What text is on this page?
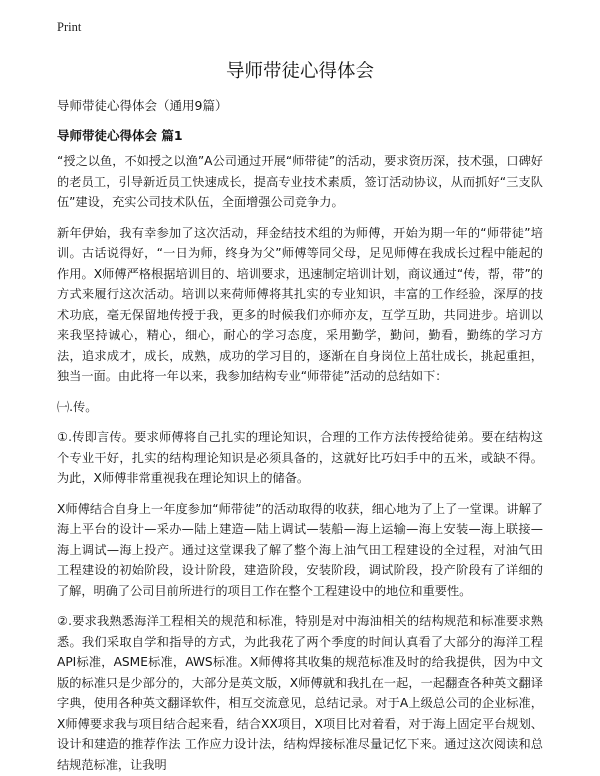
Print
导师带徒心得体会
导师带徒心得体会（通用9篇）
导师带徒心得体会 篇1

“授之以鱼，不如授之以渔”A公司通过开展“师带徒”的活动，要求资历深，技术强，口碑好的老员工，引导新近员工快速成长，提高专业技术素质，签订活动协议，从而抓好“三支队伍”建设，充实公司技术队伍，全面增强公司竞争力。

新年伊始，我有幸参加了这次活动，拜金结技术组的为师傅，开始为期一年的“师带徒”培训。古话说得好，“一日为师，终身为父”师傅等同父母，足见师傅在我成长过程中能起的作用。X师傅严格根据培训目的、培训要求，迅速制定培训计划，商议通过“传，帮，带”的方式来履行这次活动。培训以来荷师傅将其扎实的专业知识，丰富的工作经验，深厚的技术功底，毫无保留地传授于我，更多的时候我们亦师亦友，互学互助，共同进步。培训以来我坚持诚心，精心，细心，耐心的学习态度，采用勤学，勤问，勤看，勤练的学习方法，追求成才，成长，成熟，成功的学习目的，逐渐在自身岗位上茁壮成长，挑起重担，独当一面。由此将一年以来，我参加结构专业“师带徒”活动的总结如下：

㈠.传。

①.传即言传。要求师傅将自己扎实的理论知识，合理的工作方法传授给徒弟。要在结构这个专业干好，扎实的结构理论知识是必须具备的，这就好比巧妇手中的五米，或缺不得。为此，X师傅非常重视我在理论知识上的储备。

X师傅结合自身上一年度参加“师带徒”的活动取得的收获，细心地为了上了一堂课。讲解了海上平台的设计—采办—陆上建造—陆上调试—装船—海上运输—海上安装—海上联接—海上调试—海上投产。通过这堂课我了解了整个海上油气田工程建设的全过程，对油气田工程建设的初始阶段，设计阶段，建造阶段，安装阶段，调试阶段，投产阶段有了详细的了解，明确了公司目前所进行的项目工作在整个工程建设中的地位和重要性。

②.要求我熟悉海洋工程相关的规范和标准，特别是对中海油相关的结构规范和标准要求熟悉。我们采取自学和指导的方式，为此我花了两个季度的时间认真看了大部分的海洋工程API标准，ASME标准，AWS标准。X师傅将其收集的规范标准及时的给我提供，因为中文版的标准只是少部分的，大部分是英文版，X师傅就和我扎在一起，一起翻查各种英文翻译字典，使用各种英文翻译软件，相互交流意见，总结记录。对于A上级总公司的企业标准，X师傅要求我与项目结合起来看，结合XX项目，X项目比对着看，对于海上固定平台规划、设计和建造的推荐作法 工作应力设计法，结构焊接标准尽量记忆下来。通过这次阅读和总结规范标准，让我明
